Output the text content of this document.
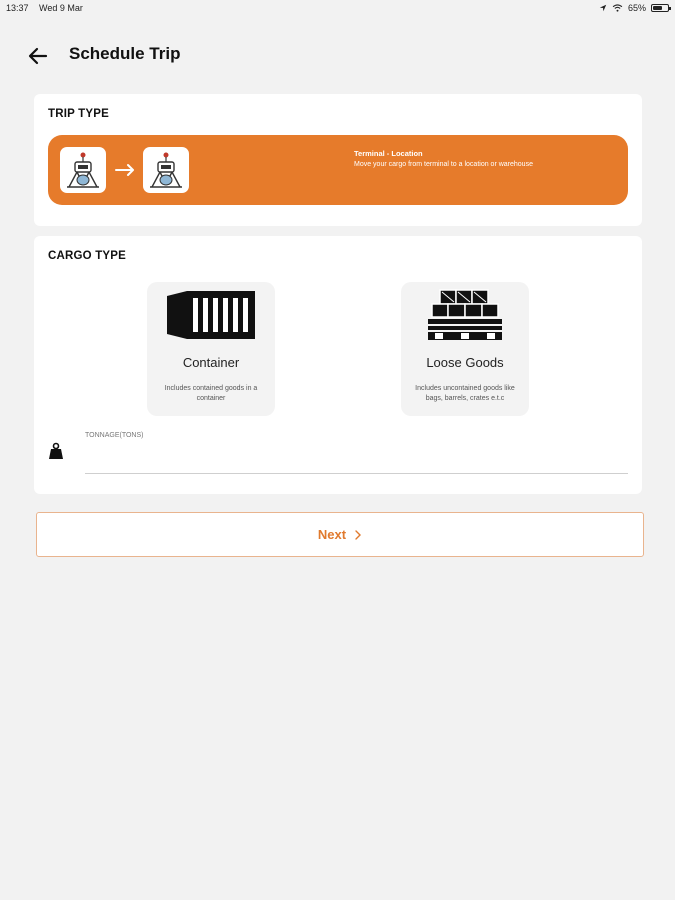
13:37 Wed 9 Mar	65%
Schedule Trip
TRIP TYPE
Terminal - Location
Move your cargo from terminal to a location or warehouse
CARGO TYPE
Container
Includes contained goods in a container
Loose Goods
Includes uncontained goods like bags, barrels, crates e.t.c
TONNAGE(TONS)
Next
